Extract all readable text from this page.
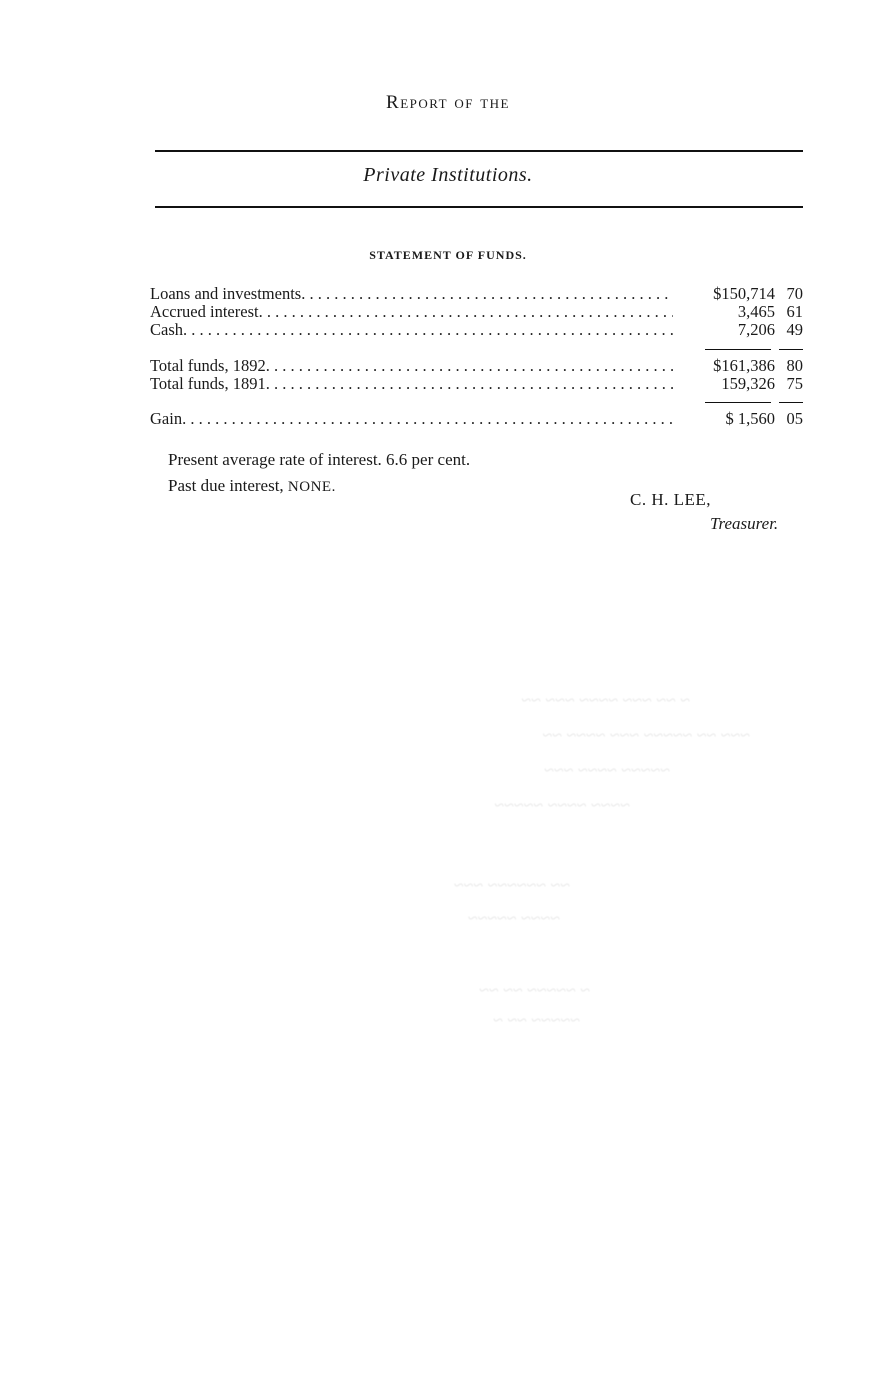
Report of the
Private Institutions.
STATEMENT OF FUNDS.
Loans and investments . . .	$150,714 70
Accrued interest . . .	3,465 61
Cash . . .	7,206 49
Total funds, 1892 . . .	$161,386 80
Total funds, 1891 . . .	159,326 75
Gain . . .	$ 1,560 05
Present average rate of interest. 6.6 per cent.
Past due interest, NONE.
C. H. LEE,
Treasurer.
~ ~~ ~~~ ~~~~ ~~~ ~~
~~~ ~~ ~~~~~ ~~~ ~~~~ ~~
~~~~~ ~~~~ ~~~
~~~~ ~~~~ ~~~~~
~~ ~~~~~~ ~~~
~~~~ ~~~~~
~ ~~~~~ ~~ ~~
~~~~~ ~~ ~
